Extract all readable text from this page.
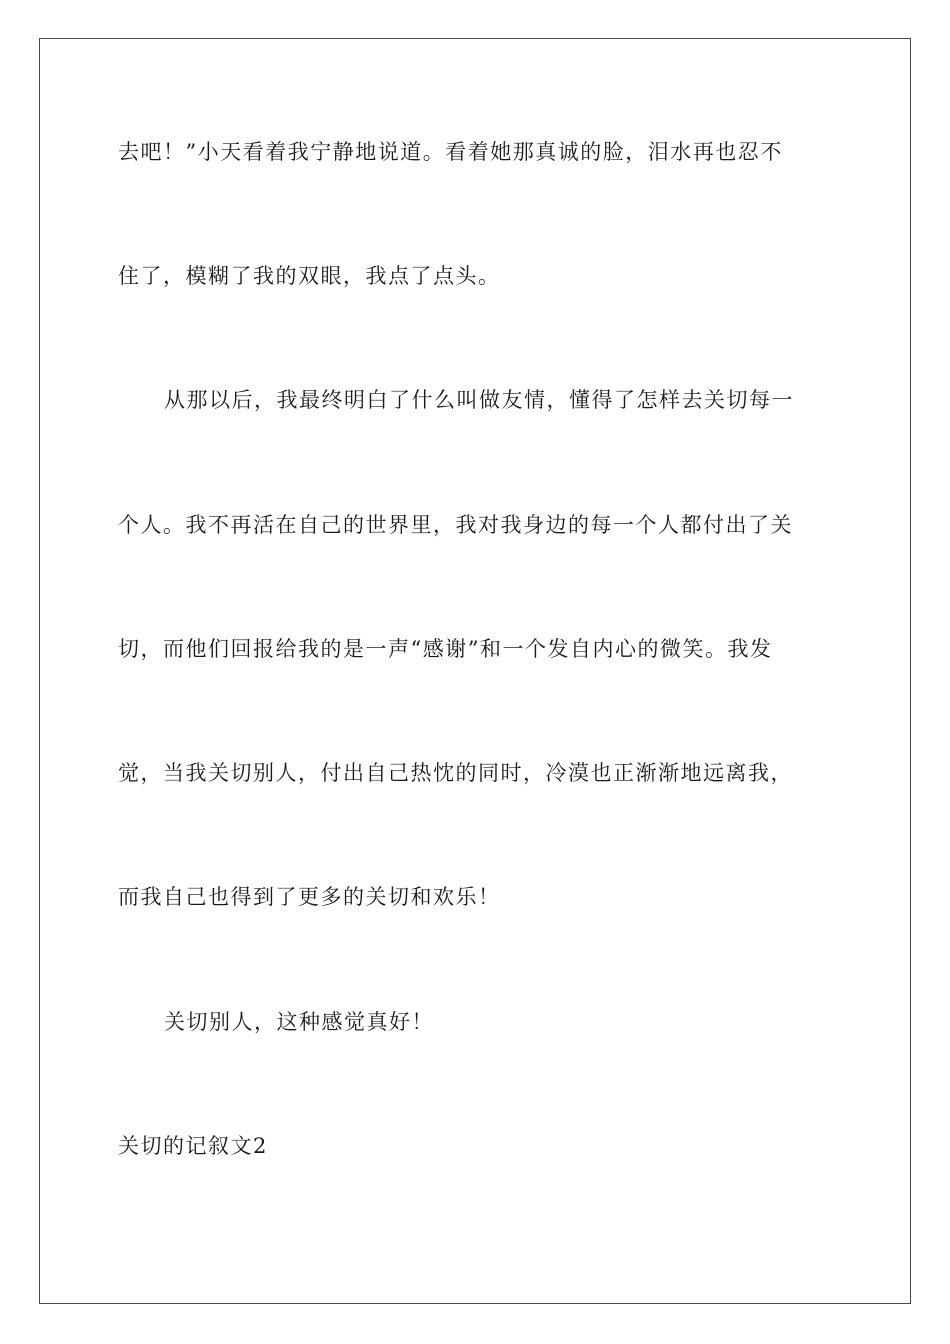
去吧！”小天看着我宁静地说道。看着她那真诚的脸，泪水再也忍不
住了，模糊了我的双眼，我点了点头。
从那以后，我最终明白了什么叫做友情，懂得了怎样去关切每一
个人。我不再活在自己的世界里，我对我身边的每一个人都付出了关
切，而他们回报给我的是一声“感谢”和一个发自内心的微笑。我发
觉，当我关切别人，付出自己热忱的同时，冷漠也正渐渐地远离我，
而我自己也得到了更多的关切和欢乐！
关切别人，这种感觉真好！
关切的记叙文2
